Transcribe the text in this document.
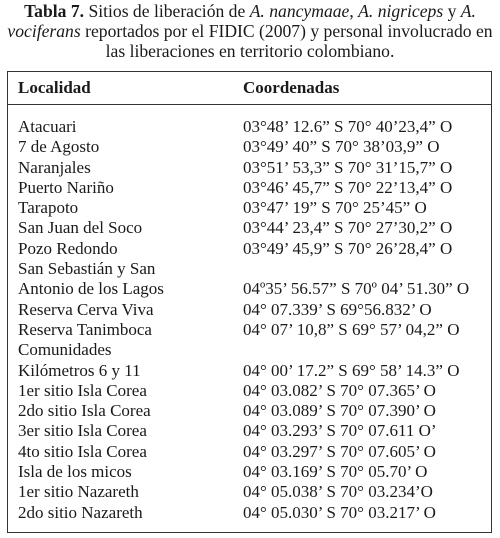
Tabla 7. Sitios de liberación de A. nancymaae, A. nigriceps y A. vociferans reportados por el FIDIC (2007) y personal involucrado en las liberaciones en territorio colombiano.
Localidad	Coordenadas
Atacuari	03°48’ 12.6” S 70° 40’23,4” O
7 de Agosto	03°49’ 40” S 70° 38’03,9” O
Naranjales	03°51’ 53,3” S 70° 31’15,7” O
Puerto Nariño	03°46’ 45,7” S 70° 22’13,4” O
Tarapoto	03°47’ 19” S 70° 25’45” O
San Juan del Soco	03°44’ 23,4” S 70° 27’30,2” O
Pozo Redondo	03°49’ 45,9” S 70° 26’28,4” O
San Sebastián y San
Antonio de los Lagos	04º35’ 56.57” S 70º 04’ 51.30” O
Reserva Cerva Viva	04° 07.339’ S 69°56.832’ O
Reserva Tanimboca	04° 07’ 10,8” S 69° 57’ 04,2” O
Comunidades
Kilómetros 6 y 11	04° 00’ 17.2” S 69° 58’ 14.3” O
1er sitio Isla Corea	04° 03.082’ S 70° 07.365’ O
2do sitio Isla Corea	04° 03.089’ S 70° 07.390’ O
3er sitio Isla Corea	04° 03.293’ S 70° 07.611 O’
4to sitio Isla Corea	04° 03.297’ S 70° 07.605’ O
Isla de los micos	04° 03.169’ S 70° 05.70’ O
1er sitio Nazareth	04° 05.038’ S 70° 03.234’O
2do sitio Nazareth	04° 05.030’ S 70° 03.217’ O
